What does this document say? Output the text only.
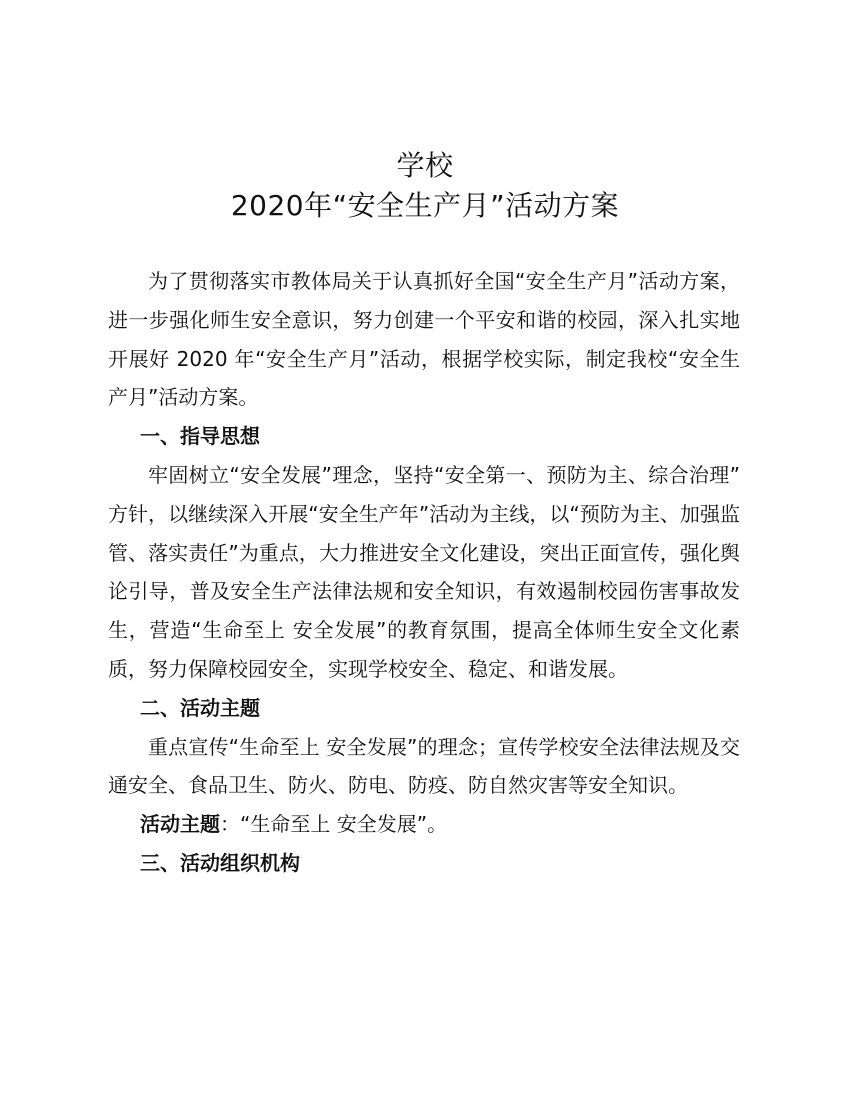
学校
2020年“安全生产月”活动方案

为了贯彻落实市教体局关于认真抓好全国“安全生产月”活动方案，进一步强化师生安全意识，努力创建一个平安和谐的校园，深入扎实地开展好 2020 年“安全生产月”活动，根据学校实际，制定我校“安全生产月”活动方案。

一、指导思想

牢固树立“安全发展”理念，坚持“安全第一、预防为主、综合治理” 方针，以继续深入开展“安全生产年”活动为主线，以“预防为主、加强监管、落实责任”为重点，大力推进安全文化建设，突出正面宣传，强化舆论引导，普及安全生产法律法规和安全知识，有效遏制校园伤害事故发生，营造“生命至上 安全发展”的教育氛围，提高全体师生安全文化素质，努力保障校园安全，实现学校安全、稳定、和谐发展。

二、活动主题

重点宣传“生命至上 安全发展”的理念；宣传学校安全法律法规及交通安全、食品卫生、防火、防电、防疫、防自然灾害等安全知识。

活动主题：“生命至上 安全发展”。

三、活动组织机构
